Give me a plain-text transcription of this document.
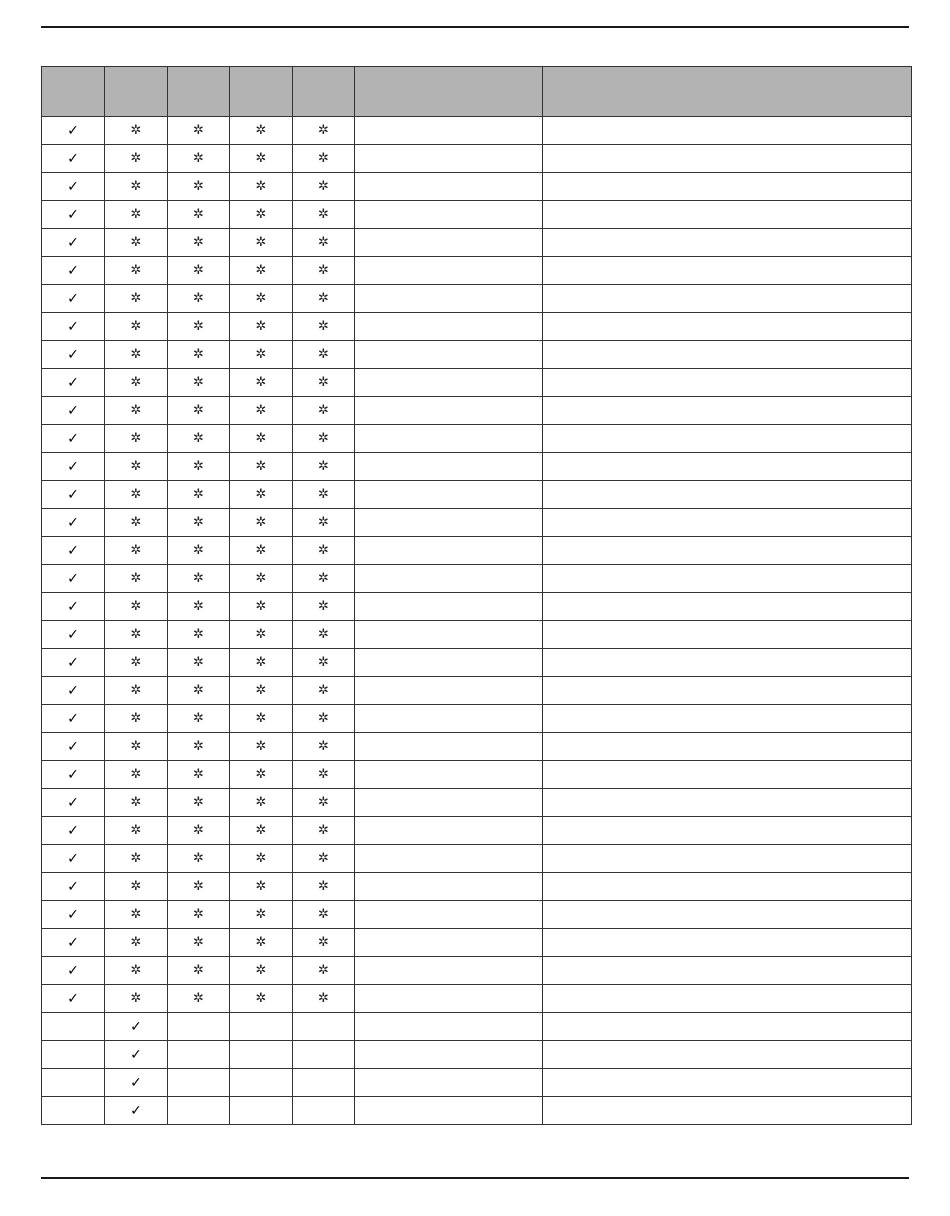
✓	✲	✲	✲	✲		
✓	✲	✲	✲	✲		
✓	✲	✲	✲	✲		
✓	✲	✲	✲	✲		
✓	✲	✲	✲	✲		
✓	✲	✲	✲	✲		
✓	✲	✲	✲	✲		
✓	✲	✲	✲	✲		
✓	✲	✲	✲	✲		
✓	✲	✲	✲	✲		
✓	✲	✲	✲	✲		
✓	✲	✲	✲	✲		
✓	✲	✲	✲	✲		
✓	✲	✲	✲	✲		
✓	✲	✲	✲	✲		
✓	✲	✲	✲	✲		
✓	✲	✲	✲	✲		
✓	✲	✲	✲	✲		
✓	✲	✲	✲	✲		
✓	✲	✲	✲	✲		
✓	✲	✲	✲	✲		
✓	✲	✲	✲	✲		
✓	✲	✲	✲	✲		
✓	✲	✲	✲	✲		
✓	✲	✲	✲	✲		
✓	✲	✲	✲	✲		
✓	✲	✲	✲	✲		
✓	✲	✲	✲	✲		
✓	✲	✲	✲	✲		
✓	✲	✲	✲	✲		
✓	✲	✲	✲	✲		
✓	✲	✲	✲	✲		
	✓					
	✓					
	✓					
	✓					
